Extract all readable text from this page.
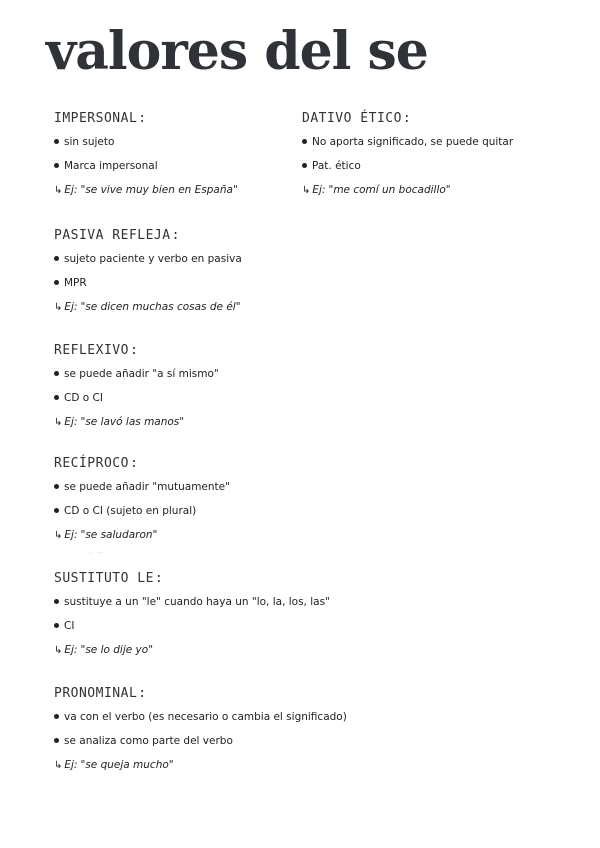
valores del se

IMPERSONAL:

sin sujeto

Marca impersonal

↳ Ej: "se vive muy bien en España"

DATIVO ÉTICO:

No aporta significado, se puede quitar

Pat. ético

↳ Ej: "me comí un bocadillo"

PASIVA REFLEJA:

sujeto paciente y verbo en pasiva

MPR

↳ Ej: "se dicen muchas cosas de él"

REFLEXIVO:

se puede añadir "a sí mismo"

CD o CI

↳ Ej: "se lavó las manos"

RECÍPROCO:

se puede añadir "mutuamente"

CD o CI (sujeto en plural)

↳ Ej: "se saludaron"

⁘ ···

SUSTITUTO LE:

sustituye a un "le" cuando haya un "lo, la, los, las"

CI

↳ Ej: "se lo dije yo"

PRONOMINAL:

va con el verbo (es necesario o cambia el significado)

se analiza como parte del verbo

↳ Ej: "se queja mucho"
